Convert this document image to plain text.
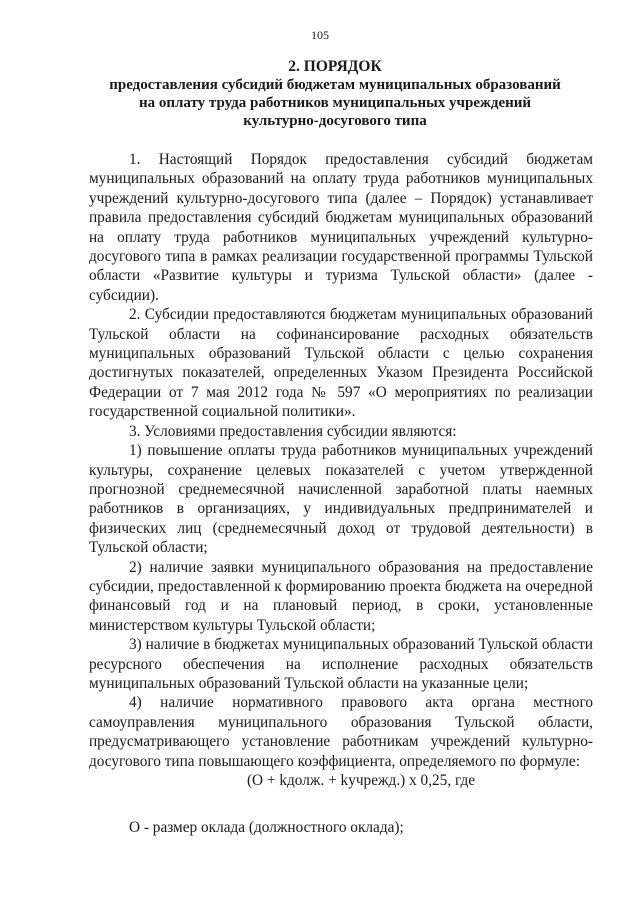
105
2. ПОРЯДОК
предоставления субсидий бюджетам муниципальных образований
на оплату труда работников муниципальных учреждений
культурно-досугового типа

1. Настоящий Порядок предоставления субсидий бюджетам муниципальных образований на оплату труда работников муниципальных учреждений культурно-досугового типа (далее – Порядок) устанавливает правила предоставления субсидий бюджетам муниципальных образований на оплату труда работников муниципальных учреждений культурно-досугового типа в рамках реализации государственной программы Тульской области «Развитие культуры и туризма Тульской области» (далее - субсидии).

2. Субсидии предоставляются бюджетам муниципальных образований Тульской области на софинансирование расходных обязательств муниципальных образований Тульской области с целью сохранения достигнутых показателей, определенных Указом Президента Российской Федерации от 7 мая 2012 года № 597 «О мероприятиях по реализации государственной социальной политики».

3. Условиями предоставления субсидии являются:

1) повышение оплаты труда работников муниципальных учреждений культуры, сохранение целевых показателей с учетом утвержденной прогнозной среднемесячной начисленной заработной платы наемных работников в организациях, у индивидуальных предпринимателей и физических лиц (среднемесячный доход от трудовой деятельности) в Тульской области;

2) наличие заявки муниципального образования на предоставление субсидии, предоставленной к формированию проекта бюджета на очередной финансовый год и на плановый период, в сроки, установленные министерством культуры Тульской области;

3) наличие в бюджетах муниципальных образований Тульской области ресурсного обеспечения на исполнение расходных обязательств муниципальных образований Тульской области на указанные цели;

4) наличие нормативного правового акта органа местного самоуправления муниципального образования Тульской области, предусматривающего установление работникам учреждений культурно-досугового типа повышающего коэффициента, определяемого по формуле:

(О + kдолж. + kучрежд.) х 0,25, где

О - размер оклада (должностного оклада);
